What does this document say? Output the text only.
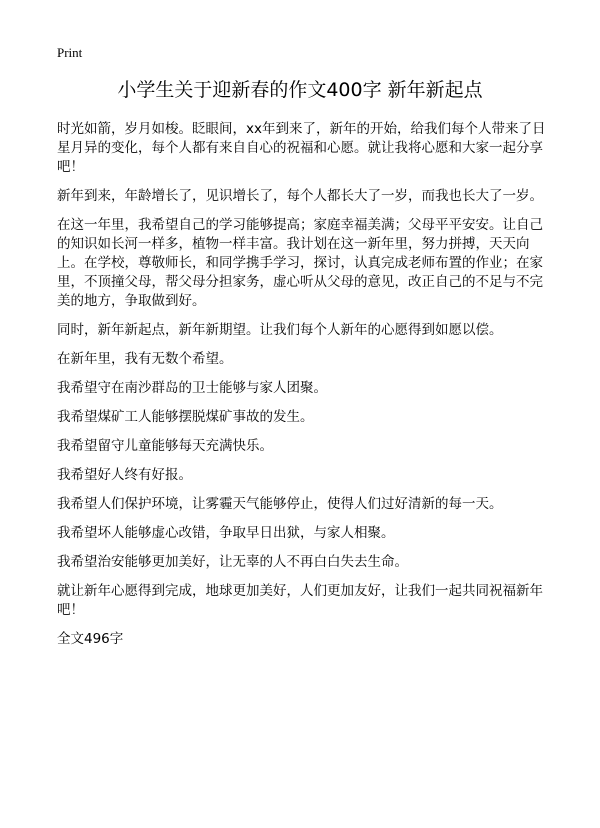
Print
小学生关于迎新春的作文400字 新年新起点

时光如箭，岁月如梭。眨眼间，xx年到来了，新年的开始，给我们每个人带来了日星月异的变化，每个人都有来自自心的祝福和心愿。就让我将心愿和大家一起分享吧！

新年到来，年龄增长了，见识增长了，每个人都长大了一岁，而我也长大了一岁。

在这一年里，我希望自己的学习能够提高；家庭幸福美满；父母平平安安。让自己的知识如长河一样多，植物一样丰富。我计划在这一新年里，努力拼搏，天天向上。在学校，尊敬师长，和同学携手学习，探讨，认真完成老师布置的作业；在家里，不顶撞父母，帮父母分担家务，虚心听从父母的意见，改正自己的不足与不完美的地方，争取做到好。

同时，新年新起点，新年新期望。让我们每个人新年的心愿得到如愿以偿。

在新年里，我有无数个希望。

我希望守在南沙群岛的卫士能够与家人团聚。

我希望煤矿工人能够摆脱煤矿事故的发生。

我希望留守儿童能够每天充满快乐。

我希望好人终有好报。

我希望人们保护环境，让雾霾天气能够停止，使得人们过好清新的每一天。

我希望坏人能够虚心改错，争取早日出狱，与家人相聚。

我希望治安能够更加美好，让无辜的人不再白白失去生命。

就让新年心愿得到完成，地球更加美好，人们更加友好，让我们一起共同祝福新年吧！

全文496字
